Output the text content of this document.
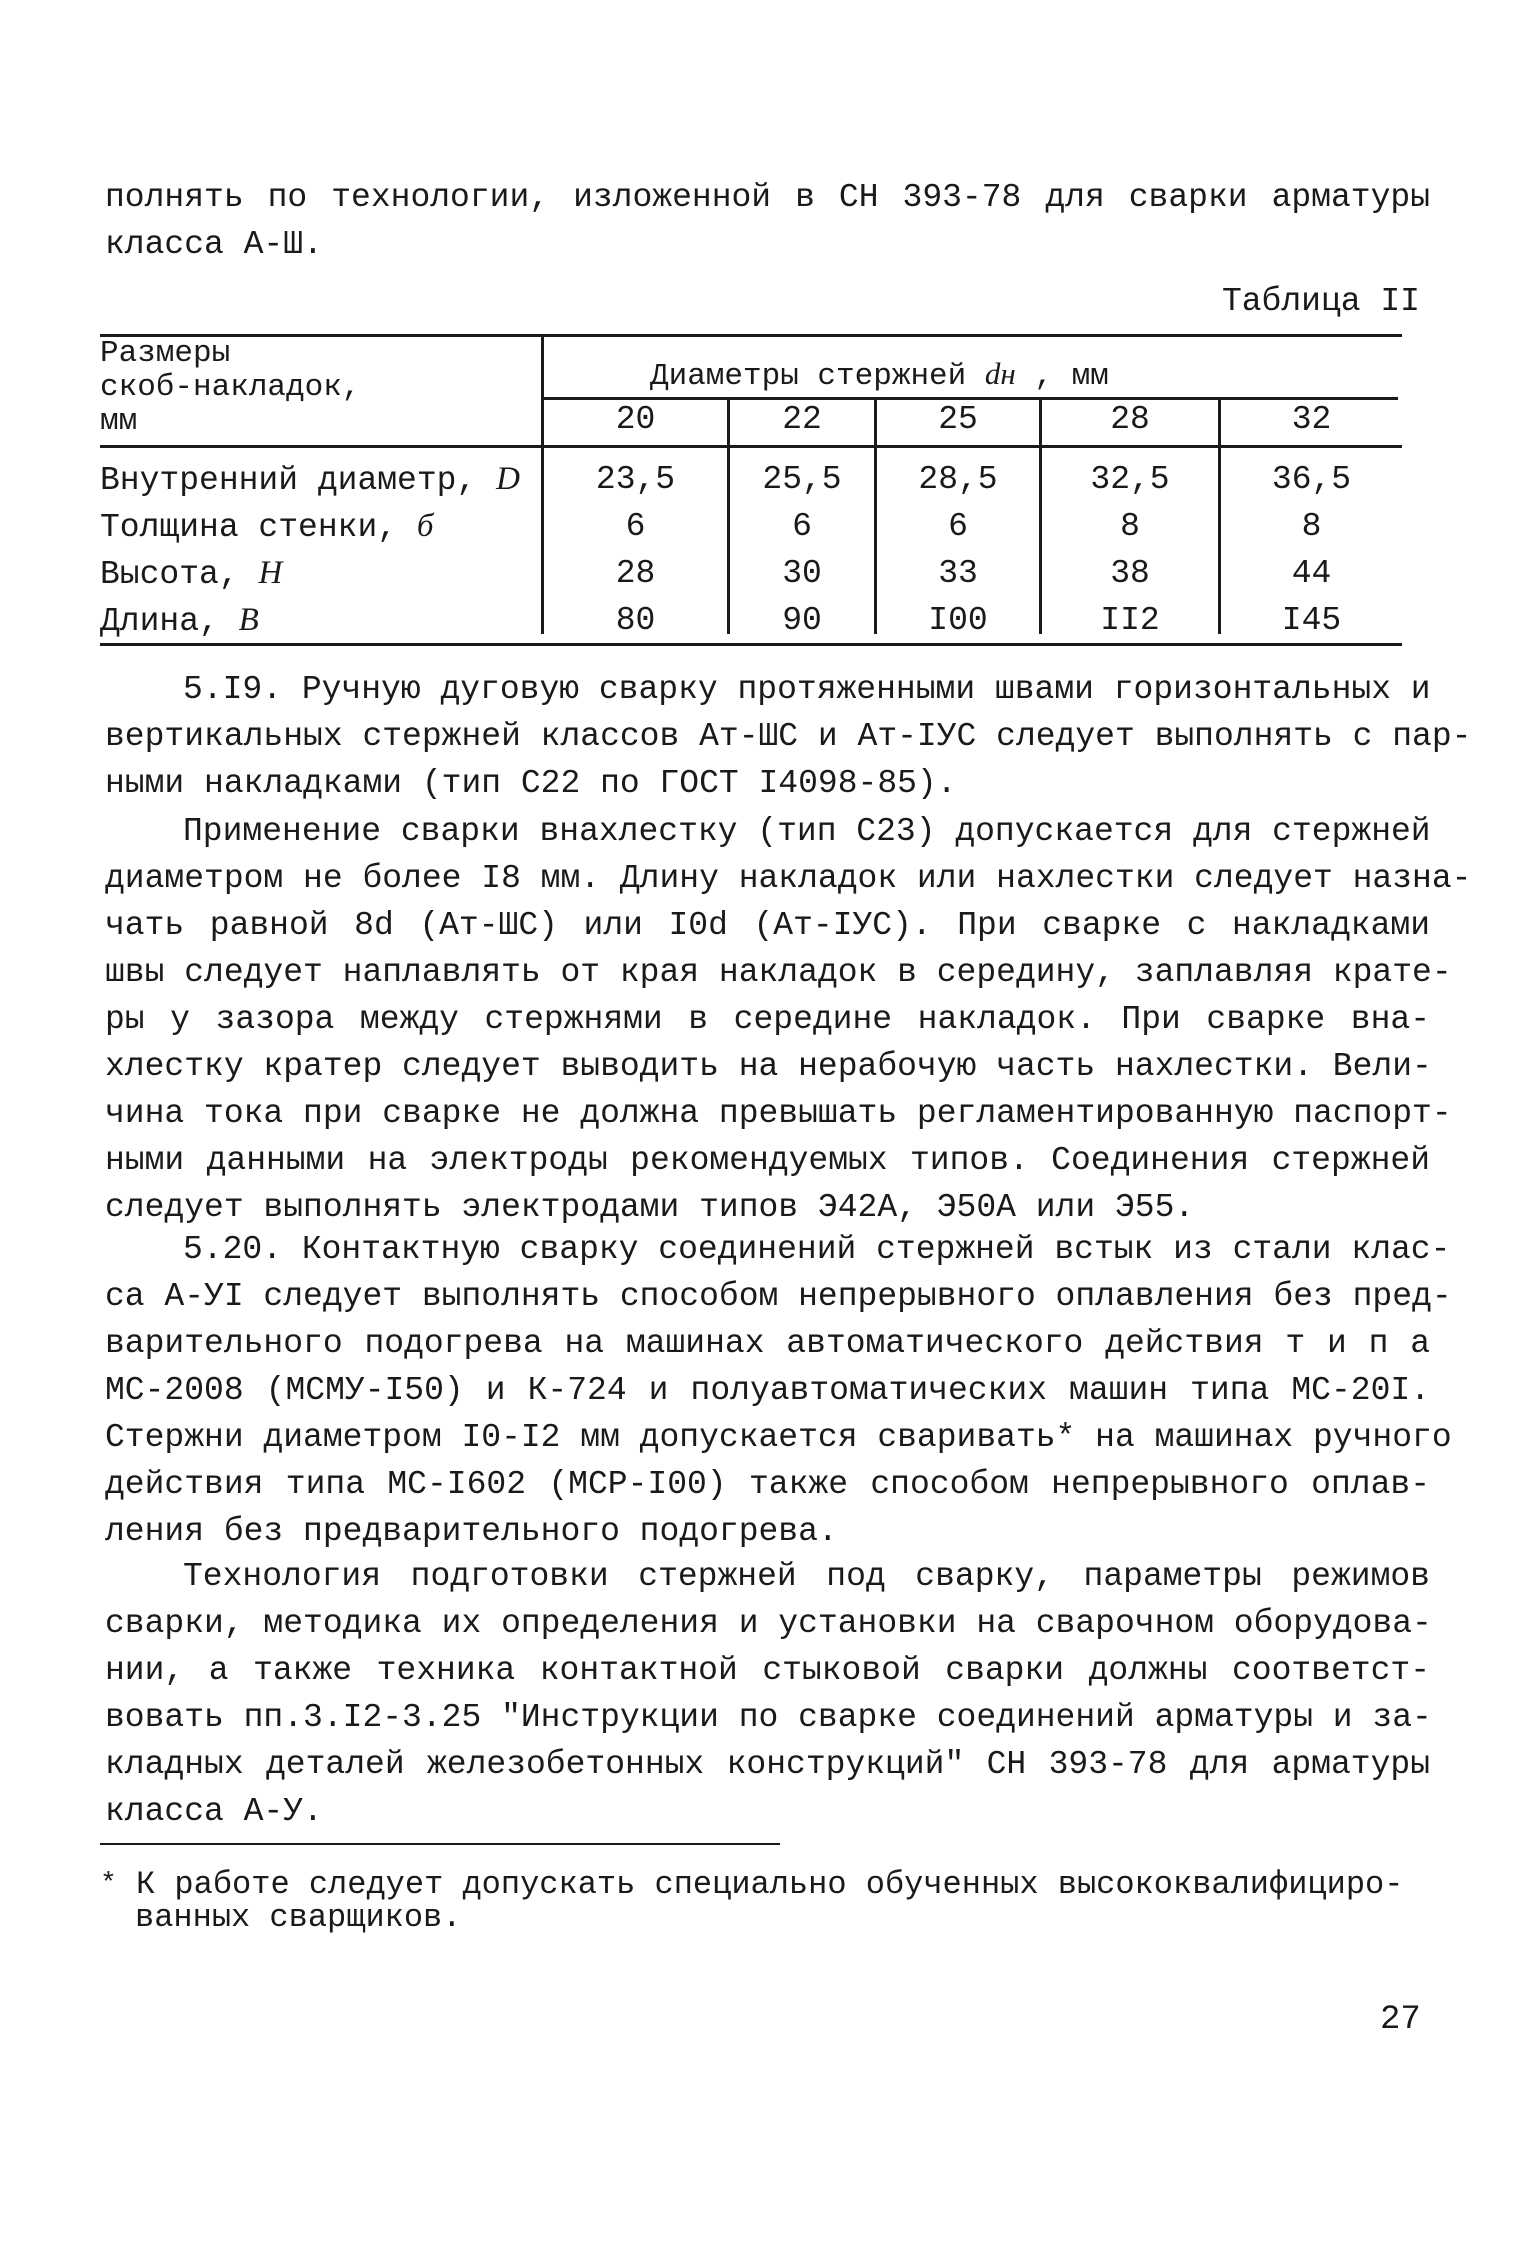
полнять по технологии, изложенной в СН 393-78 для сварки арматуры
класса А-Ш.
Таблица II
Размеры
скоб-накладок,
мм
Диаметры стержней dн , мм
20	22	25	28	32
Внутренний диаметр, D	23,5	25,5	28,5	32,5	36,5
Толщина стенки, б	6	6	6	8	8
Высота, H	28	30	33	38	44
Длина, B	80	90	I00	II2	I45
5.I9. Ручную дуговую сварку протяженными швами горизонтальных и
вертикальных стержней классов Ат-ШС и Ат-IУС следует выполнять с пар-
ными накладками (тип С22 по ГОСТ I4098-85).
Применение сварки внахлестку (тип С23) допускается для стержней
диаметром не более I8 мм. Длину накладок или нахлестки следует назна-
чать равной 8d (Ат-ШС) или I0d (Ат-IУС). При сварке с накладками
швы следует наплавлять от края накладок в середину, заплавляя крате-
ры у зазора между стержнями в середине накладок. При сварке вна-
хлестку кратер следует выводить на нерабочую часть нахлестки. Вели-
чина тока при сварке не должна превышать регламентированную паспорт-
ными данными на электроды рекомендуемых типов. Соединения стержней
следует выполнять электродами типов Э42А, Э50А или Э55.
5.20. Контактную сварку соединений стержней встык из стали клас-
са А-УI следует выполнять способом непрерывного оплавления без пред-
варительного подогрева на машинах автоматического действия т и п а
МС-2008 (МСМУ-I50) и К-724 и полуавтоматических машин типа МС-20I.
Стержни диаметром I0-I2 мм допускается сваривать* на машинах ручного
действия типа МС-I602 (МСР-I00) также способом непрерывного оплав-
ления без предварительного подогрева.
Технология подготовки стержней под сварку, параметры режимов
сварки, методика их определения и установки на сварочном оборудова-
нии, а также техника контактной стыковой сварки должны соответст-
вовать пп.3.I2-3.25 "Инструкции по сварке соединений арматуры и за-
кладных деталей железобетонных конструкций" СН 393-78 для арматуры
класса А-У.
* К работе следует допускать специально обученных высококвалифициро-
ванных сварщиков.
27
